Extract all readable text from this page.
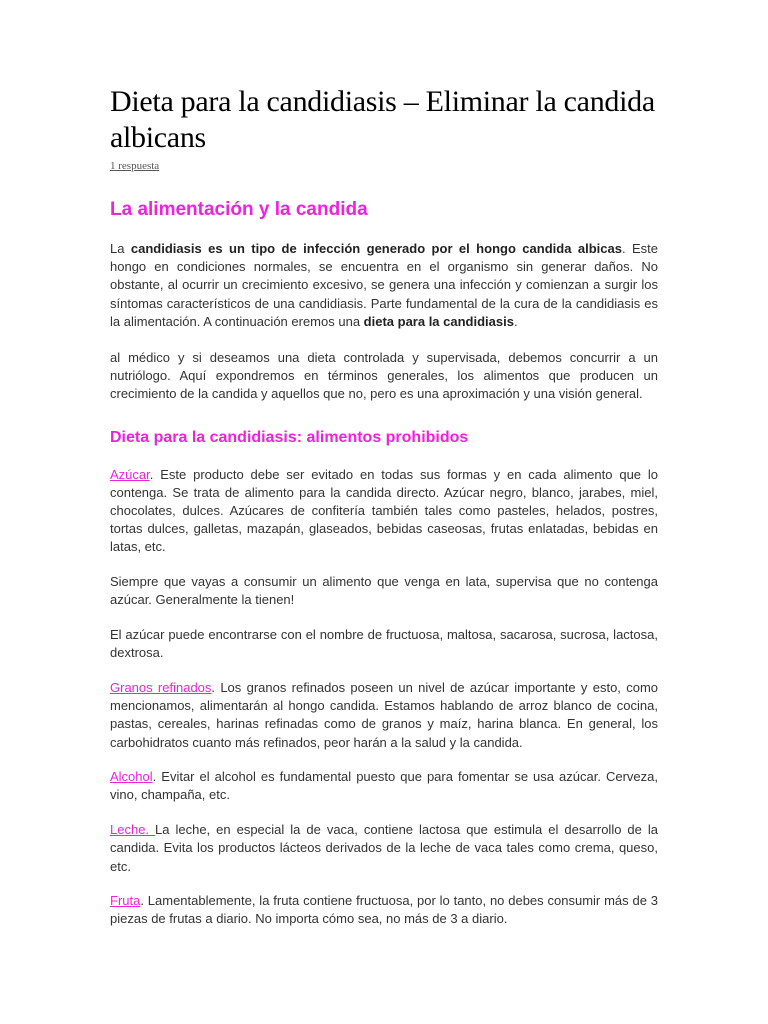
Dieta para la candidiasis – Eliminar la candida albicans
1 respuesta
La alimentación y la candida

La candidiasis es un tipo de infección generado por el hongo candida albicas. Este hongo en condiciones normales, se encuentra en el organismo sin generar daños. No obstante, al ocurrir un crecimiento excesivo, se genera una infección y comienzan a surgir los síntomas característicos de una candidiasis. Parte fundamental de la cura de la candidiasis es la alimentación. A continuación eremos una dieta para la candidiasis.

al médico y si deseamos una dieta controlada y supervisada, debemos concurrir a un nutriólogo. Aquí expondremos en términos generales, los alimentos que producen un crecimiento de la candida y aquellos que no, pero es una aproximación y una visión general.

Dieta para la candidiasis: alimentos prohibidos

Azúcar. Este producto debe ser evitado en todas sus formas y en cada alimento que lo contenga. Se trata de alimento para la candida directo. Azúcar negro, blanco, jarabes, miel, chocolates, dulces. Azúcares de confitería también tales como pasteles, helados, postres, tortas dulces, galletas, mazapán, glaseados, bebidas caseosas, frutas enlatadas, bebidas en latas, etc.

Siempre que vayas a consumir un alimento que venga en lata, supervisa que no contenga azúcar. Generalmente la tienen!

El azúcar puede encontrarse con el nombre de fructuosa, maltosa, sacarosa, sucrosa, lactosa, dextrosa.

Granos refinados. Los granos refinados poseen un nivel de azúcar importante y esto, como mencionamos, alimentarán al hongo candida. Estamos hablando de arroz blanco de cocina, pastas, cereales, harinas refinadas como de granos y maíz, harina blanca. En general, los carbohidratos cuanto más refinados, peor harán a la salud y la candida.

Alcohol. Evitar el alcohol es fundamental puesto que para fomentar se usa azúcar. Cerveza, vino, champaña, etc.

Leche. La leche, en especial la de vaca, contiene lactosa que estimula el desarrollo de la candida. Evita los productos lácteos derivados de la leche de vaca tales como crema, queso, etc.

Fruta. Lamentablemente, la fruta contiene fructuosa, por lo tanto, no debes consumir más de 3 piezas de frutas a diario. No importa cómo sea, no más de 3 a diario.
